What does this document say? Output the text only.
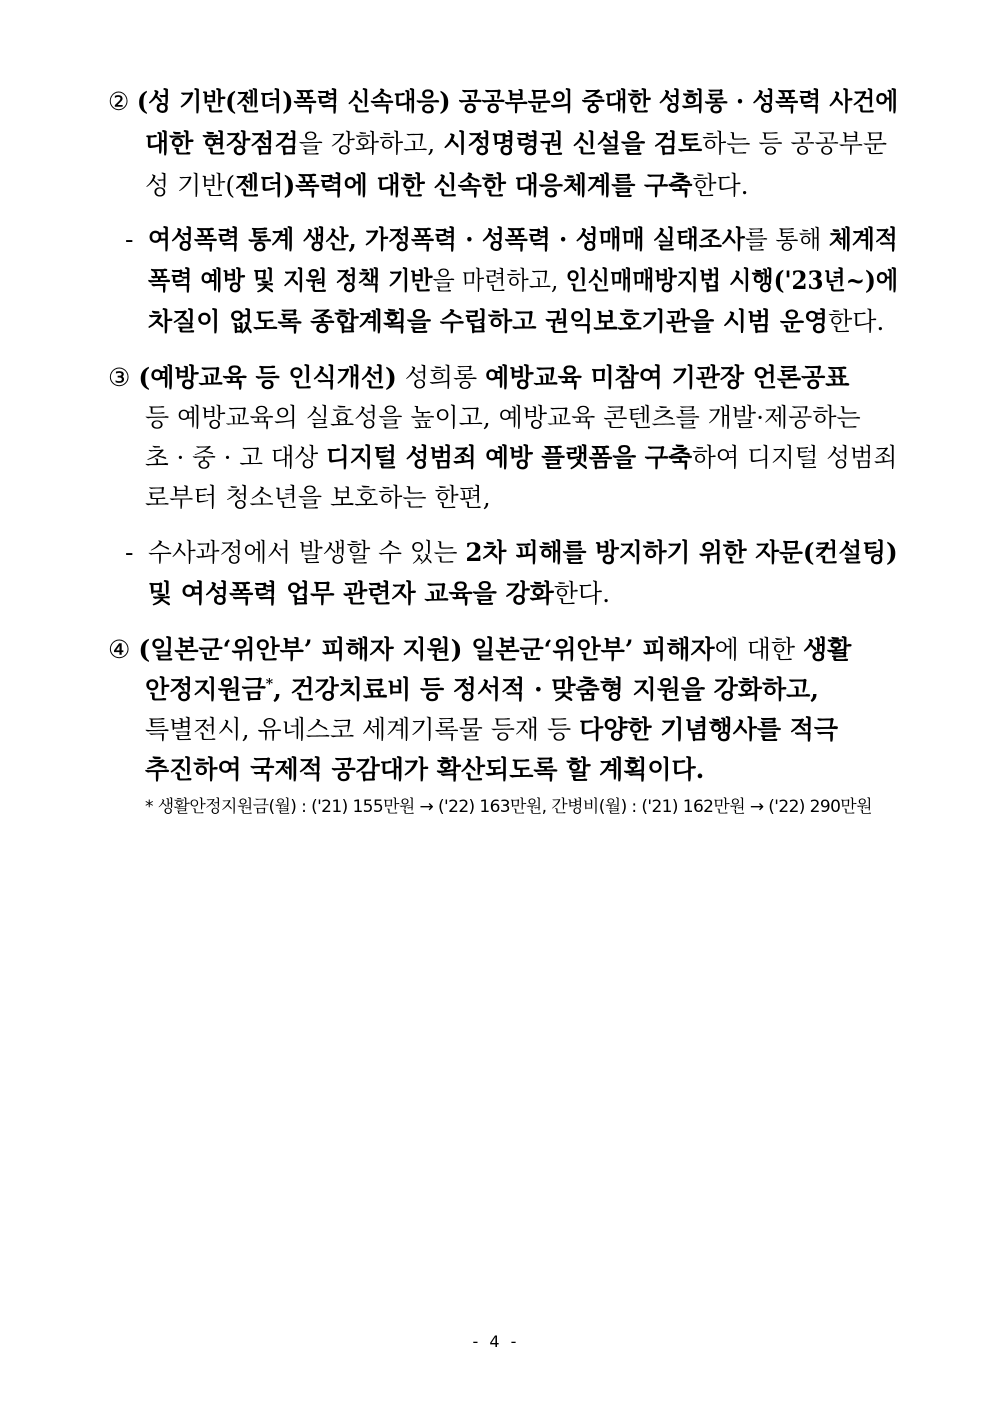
② (성 기반(젠더)폭력 신속대응) 공공부문의 중대한 성희롱 · 성폭력 사건에
대한 현장점검을 강화하고, 시정명령권 신설을 검토하는 등 공공부문
성 기반(젠더)폭력에 대한 신속한 대응체계를 구축한다.
- 여성폭력 통계 생산, 가정폭력 · 성폭력 · 성매매 실태조사를 통해 체계적
폭력 예방 및 지원 정책 기반을 마련하고, 인신매매방지법 시행('23년~)에
차질이 없도록 종합계획을 수립하고 권익보호기관을 시범 운영한다.
③ (예방교육 등 인식개선) 성희롱 예방교육 미참여 기관장 언론공표
등 예방교육의 실효성을 높이고, 예방교육 콘텐츠를 개발·제공하는
초 · 중 · 고 대상 디지털 성범죄 예방 플랫폼을 구축하여 디지털 성범죄
로부터 청소년을 보호하는 한편,
- 수사과정에서 발생할 수 있는 2차 피해를 방지하기 위한 자문(컨설팅)
및 여성폭력 업무 관련자 교육을 강화한다.
④ (일본군‘위안부’ 피해자 지원) 일본군‘위안부’ 피해자에 대한 생활
안정지원금*, 건강치료비 등 정서적 · 맞춤형 지원을 강화하고,
특별전시, 유네스코 세계기록물 등재 등 다양한 기념행사를 적극
추진하여 국제적 공감대가 확산되도록 할 계획이다.
* 생활안정지원금(월) : ('21) 155만원 → ('22) 163만원, 간병비(월) : ('21) 162만원 → ('22) 290만원
- 4 -
